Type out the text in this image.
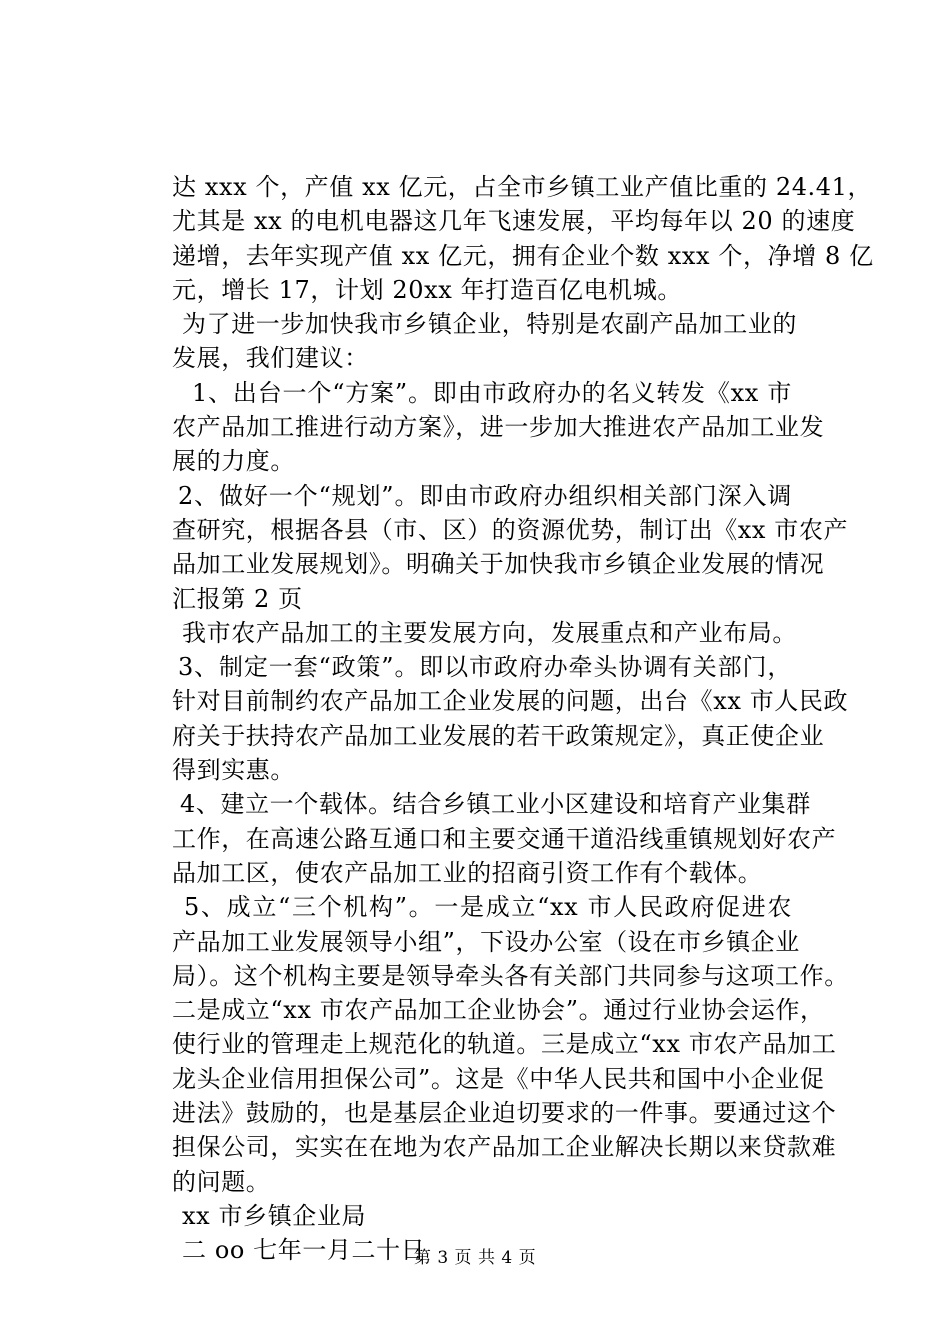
达 xxx 个，产值 xx 亿元，占全市乡镇工业产值比重的 24.41，
尤其是 xx 的电机电器这几年飞速发展，平均每年以 20 的速度
递增，去年实现产值 xx 亿元，拥有企业个数 xxx 个，净增 8 亿
元，增长 17，计划 20xx 年打造百亿电机城。
为了进一步加快我市乡镇企业，特别是农副产品加工业的
发展，我们建议：
1、出台一个“方案”。即由市政府办的名义转发《xx 市
农产品加工推进行动方案》，进一步加大推进农产品加工业发
展的力度。
2、做好一个“规划”。即由市政府办组织相关部门深入调
查研究，根据各县（市、区）的资源优势，制订出《xx 市农产
品加工业发展规划》。明确关于加快我市乡镇企业发展的情况
汇报第 2 页
我市农产品加工的主要发展方向，发展重点和产业布局。
3、制定一套“政策”。即以市政府办牵头协调有关部门，
针对目前制约农产品加工企业发展的问题，出台《xx 市人民政
府关于扶持农产品加工业发展的若干政策规定》，真正使企业
得到实惠。
4、建立一个载体。结合乡镇工业小区建设和培育产业集群
工作，在高速公路互通口和主要交通干道沿线重镇规划好农产
品加工区，使农产品加工业的招商引资工作有个载体。
5、成立“三个机构”。一是成立“xx 市人民政府促进农
产品加工业发展领导小组”，下设办公室（设在市乡镇企业
局）。这个机构主要是领导牵头各有关部门共同参与这项工作。
二是成立“xx 市农产品加工企业协会”。通过行业协会运作，
使行业的管理走上规范化的轨道。三是成立“xx 市农产品加工
龙头企业信用担保公司”。这是《中华人民共和国中小企业促
进法》鼓励的，也是基层企业迫切要求的一件事。要通过这个
担保公司，实实在在地为农产品加工企业解决长期以来贷款难
的问题。
xx 市乡镇企业局
二 oo 七年一月二十日
第 3 页 共 4 页
